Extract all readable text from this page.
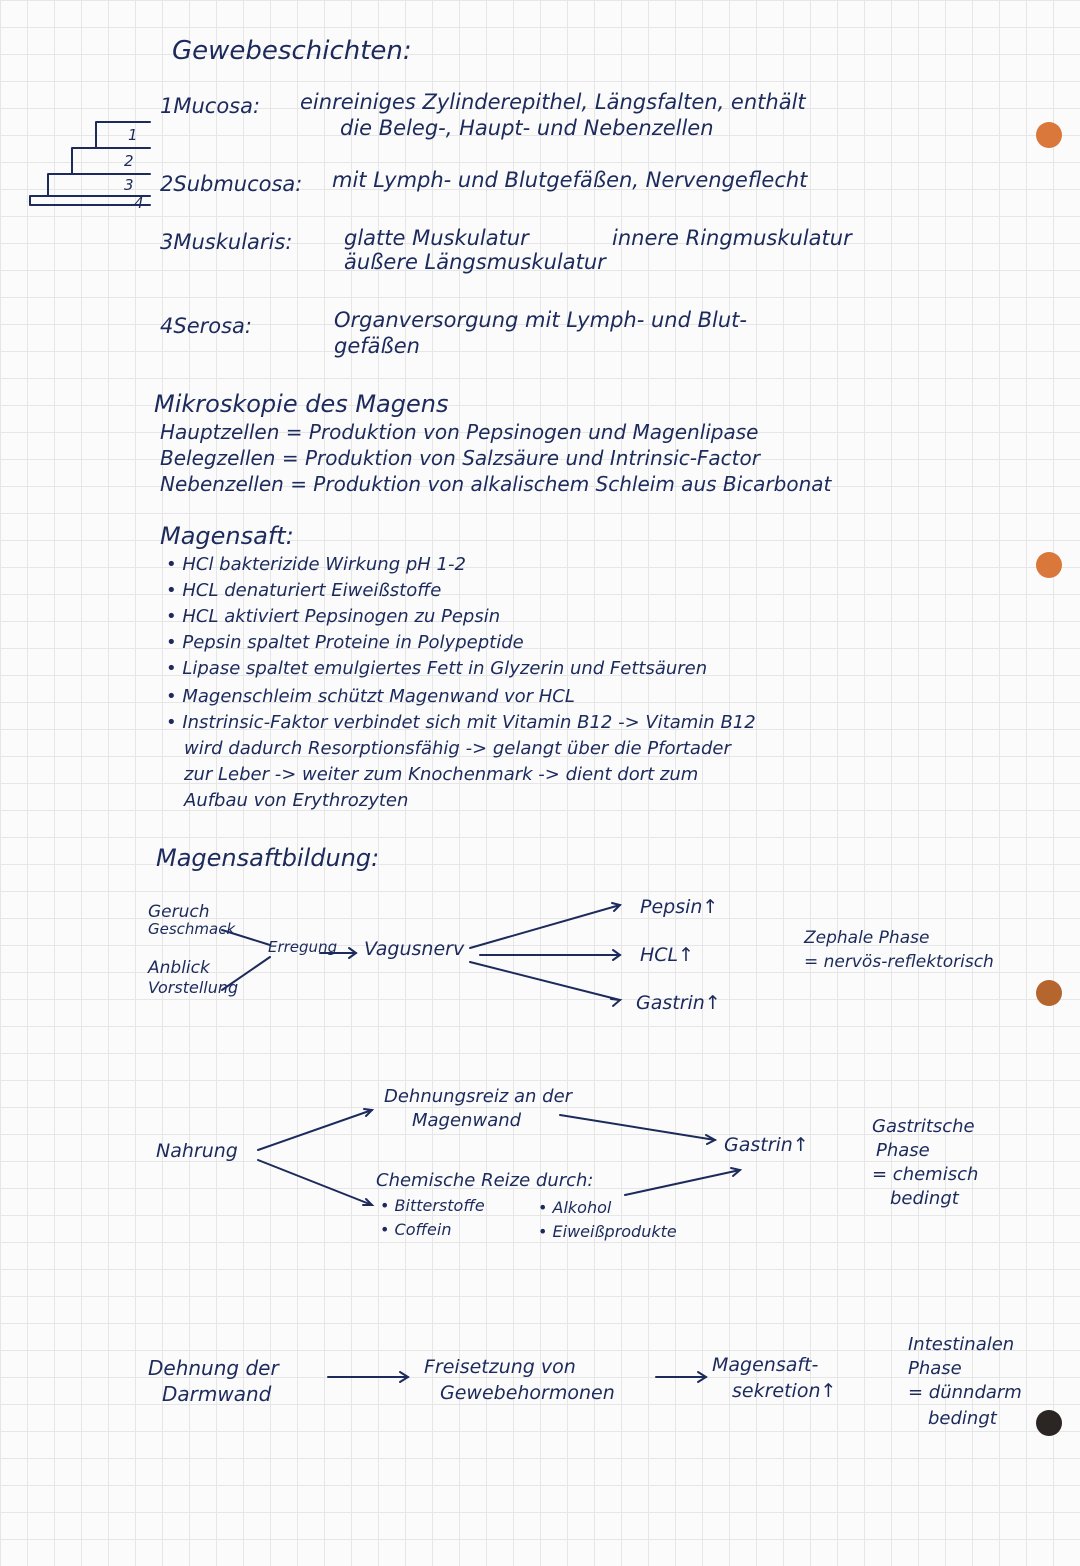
1
2
3
4
Gewebeschichten:
1Mucosa: einreiniges Zylinderepithel, Längsfalten, enthält
die Beleg-, Haupt- und Nebenzellen
2Submucosa: mit Lymph- und Blutgefäßen, Nervengeflecht
3Muskularis: glatte Muskulatur	innere Ringmuskulatur
äußere Längsmuskulatur
4Serosa:	Organversorgung mit Lymph- und Blut-
gefäßen
Mikroskopie des Magens
Hauptzellen = Produktion von Pepsinogen und Magenlipase
Belegzellen = Produktion von Salzsäure und Intrinsic-Factor
Nebenzellen = Produktion von alkalischem Schleim aus Bicarbonat
Magensaft:
• HCl bakterizide Wirkung pH 1-2
• HCL denaturiert Eiweißstoffe
• HCL aktiviert Pepsinogen zu Pepsin
• Pepsin spaltet Proteine in Polypeptide
• Lipase spaltet emulgiertes Fett in Glyzerin und Fettsäuren
• Magenschleim schützt Magenwand vor HCL
• Instrinsic-Faktor verbindet sich mit Vitamin B12 -> Vitamin B12
wird dadurch Resorptionsfähig -> gelangt über die Pfortader
zur Leber -> weiter zum Knochenmark -> dient dort zum
Aufbau von Erythrozyten
Magensaftbildung:
Geruch
Geschmack
Anblick
Vorstellung
Erregung Vagusnerv
Pepsin↑
HCL↑
Gastrin↑
Zephale Phase
= nervös-reflektorisch
Dehnungsreiz an der
Magenwand
Nahrung	Gastrin↑
Chemische Reize durch:
• Bitterstoffe	• Alkohol
• Coffein	• Eiweißprodukte
Gastritsche
Phase
= chemisch
bedingt
Dehnung der
Darmwand
Freisetzung von
Gewebehormonen
Magensaft-
sekretion↑
Intestinalen
Phase
= dünndarm
bedingt
